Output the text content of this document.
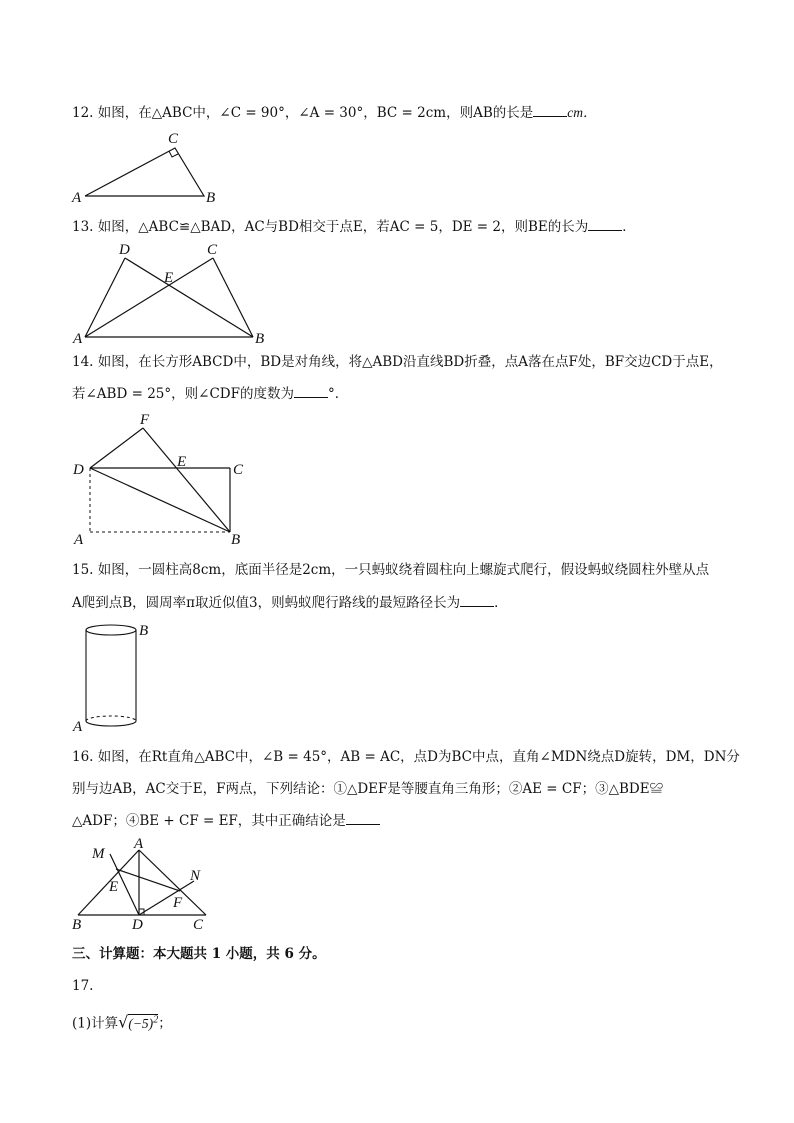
12. 如图，在△ABC中，∠C = 90°，∠A = 30°，BC = 2cm，则AB的长是	cm．
A	B
C
13. 如图，△ABC≌△BAD，AC与BD相交于点E，若AC = 5，DE = 2，则BE的长为	．
A	B
C
D
E
14. 如图，在长方形ABCD中，BD是对角线，将△ABD沿直线BD折叠，点A落在点F处，BF交边CD于点E，
若∠ABD = 25°，则∠CDF的度数为	°．
F
D	E	C
A	B
15. 如图，一圆柱高8cm，底面半径是2cm，一只蚂蚁绕着圆柱向上螺旋式爬行，假设蚂蚁绕圆柱外壁从点
A爬到点B，圆周率π取近似值3，则蚂蚁爬行路线的最短路径长为	．
B
A
16. 如图，在Rt直角△ABC中，∠B = 45°，AB = AC，点D为BC中点，直角∠MDN绕点D旋转，DM，DN分
别与边AB，AC交于E，F两点，下列结论：①△DEF是等腰直角三角形；②AE = CF；③△BDE≌
△ADF；④BE + CF = EF，其中正确结论是
M
A
N
E
F
B	D	C
三、计算题：本大题共 1 小题，共 6 分。
17.
(1)计算$√(-5)^2$；
